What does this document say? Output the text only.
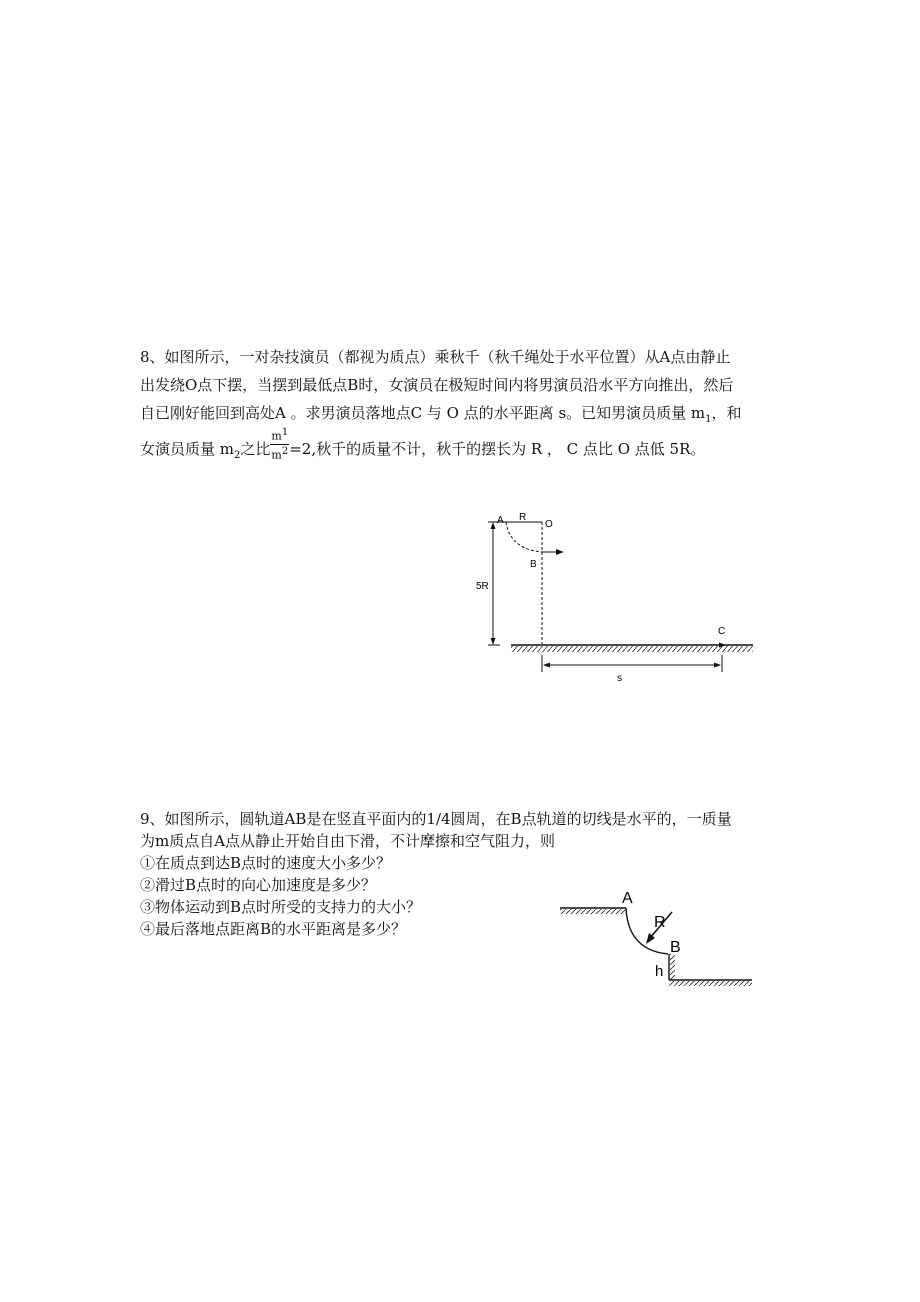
8、如图所示，一对杂技演员（都视为质点）乘秋千（秋千绳处于水平位置）从A点由静止
出发绕O点下摆，当摆到最低点B时，女演员在极短时间内将男演员沿水平方向推出，然后
自已刚好能回到高处A 。求男演员落地点C 与 O 点的水平距离 s。已知男演员质量 $m_1$，和
女演员质量 $m_2$之比 $\frac{m^1}{m^2} =2$,秋千的质量不计，秋千的摆长为 R ， C 点比 O 点低 5R。
A R
O
B
5R
C
s
9、如图所示，圆轨道AB是在竖直平面内的1/4圆周，在B点轨道的切线是水平的，一质量
为m质点自A点从静止开始自由下滑，不计摩擦和空气阻力，则
①在质点到达B点时的速度大小多少？
②滑过B点时的向心加速度是多少？
③物体运动到B点时所受的支持力的大小？
④最后落地点距离B的水平距离是多少？
A
R
B
h
